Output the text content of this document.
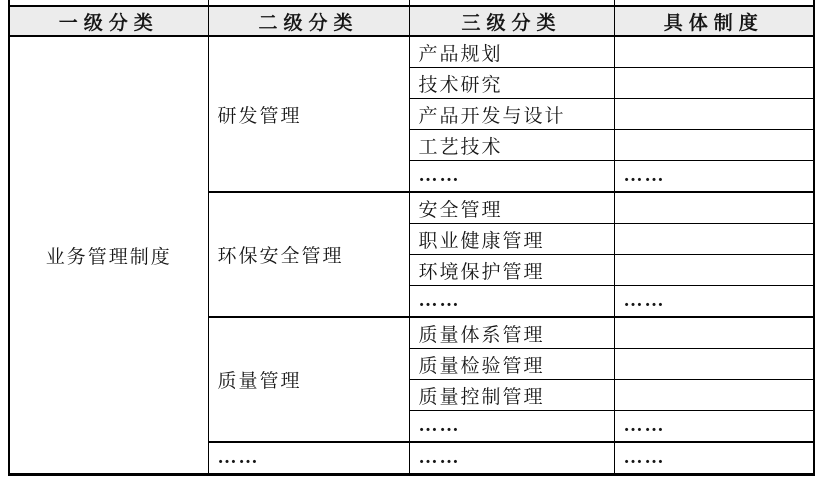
一级分类	二级分类	三级分类	具体制度
业务管理制度	研发管理	产品规划	
		技术研究	
		产品开发与设计	
		工艺技术	
		……	……
	环保安全管理	安全管理	
		职业健康管理	
		环境保护管理	
		……	……
	质量管理	质量体系管理	
		质量检验管理	
		质量控制管理	
		……	……
	……	……	……
